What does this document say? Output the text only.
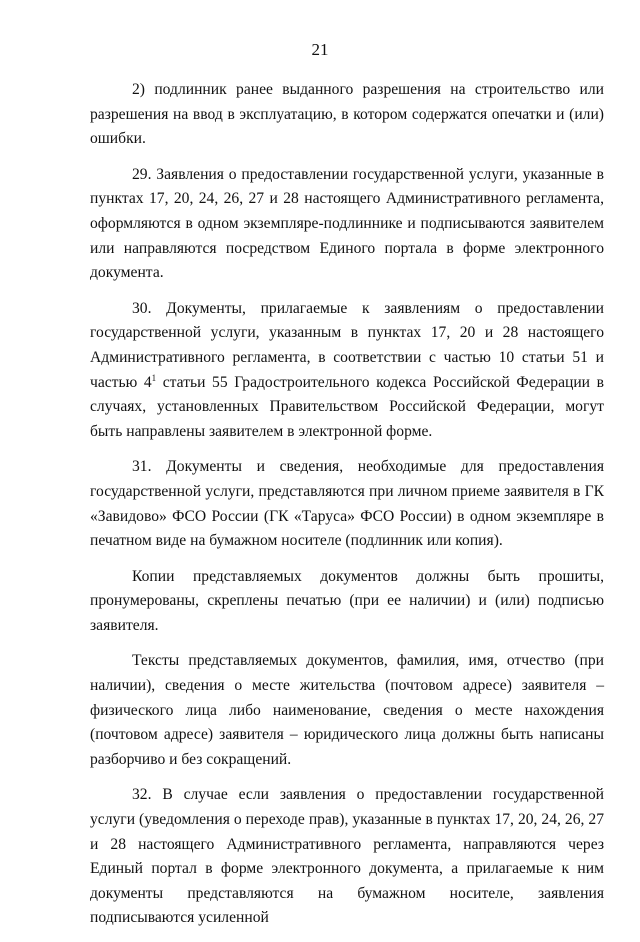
21

2) подлинник ранее выданного разрешения на строительство или разрешения на ввод в эксплуатацию, в котором содержатся опечатки и (или) ошибки.

29. Заявления о предоставлении государственной услуги, указанные в пунктах 17, 20, 24, 26, 27 и 28 настоящего Административного регламента, оформляются в одном экземпляре-подлиннике и подписываются заявителем или направляются посредством Единого портала в форме электронного документа.

30. Документы, прилагаемые к заявлениям о предоставлении государственной услуги, указанным в пунктах 17, 20 и 28 настоящего Административного регламента, в соответствии с частью 10 статьи 51 и частью $4^1$ статьи 55 Градостроительного кодекса Российской Федерации в случаях, установленных Правительством Российской Федерации, могут быть направлены заявителем в электронной форме.

31. Документы и сведения, необходимые для предоставления государственной услуги, представляются при личном приеме заявителя в ГК «Завидово» ФСО России (ГК «Таруса» ФСО России) в одном экземпляре в печатном виде на бумажном носителе (подлинник или копия).

Копии представляемых документов должны быть прошиты, пронумерованы, скреплены печатью (при ее наличии) и (или) подписью заявителя.

Тексты представляемых документов, фамилия, имя, отчество (при наличии), сведения о месте жительства (почтовом адресе) заявителя – физического лица либо наименование, сведения о месте нахождения (почтовом адресе) заявителя – юридического лица должны быть написаны разборчиво и без сокращений.

32. В случае если заявления о предоставлении государственной услуги (уведомления о переходе прав), указанные в пунктах 17, 20, 24, 26, 27 и 28 настоящего Административного регламента, направляются через Единый портал в форме электронного документа, а прилагаемые к ним документы представляются на бумажном носителе, заявления подписываются усиленной
